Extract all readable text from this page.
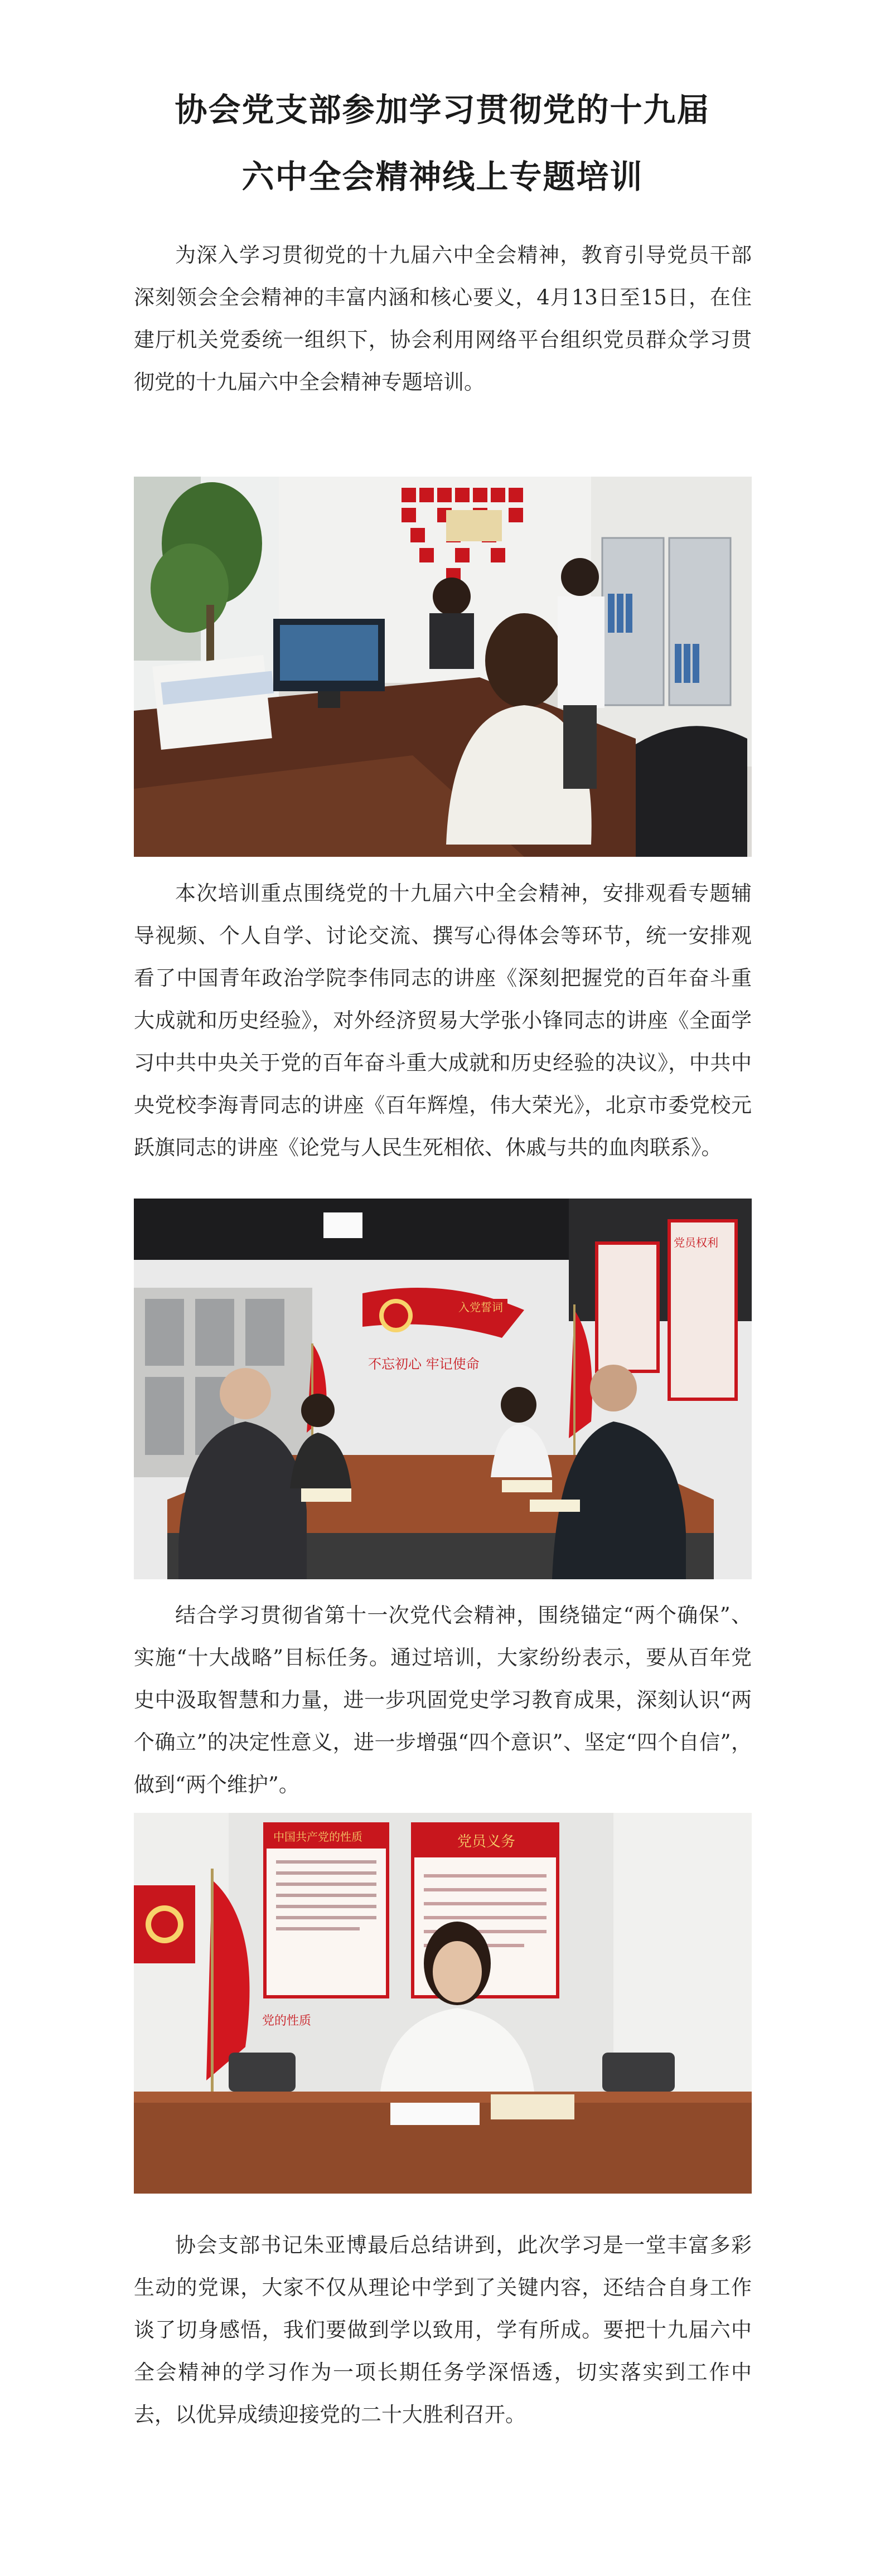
协会党支部参加学习贯彻党的十九届
六中全会精神线上专题培训

为深入学习贯彻党的十九届六中全会精神，教育引导党员干部深刻领会全会精神的丰富内涵和核心要义，4月13日至15日，在住建厅机关党委统一组织下，协会利用网络平台组织党员群众学习贯彻党的十九届六中全会精神专题培训。

本次培训重点围绕党的十九届六中全会精神，安排观看专题辅导视频、个人自学、讨论交流、撰写心得体会等环节，统一安排观看了中国青年政治学院李伟同志的讲座《深刻把握党的百年奋斗重大成就和历史经验》，对外经济贸易大学张小锋同志的讲座《全面学习中共中央关于党的百年奋斗重大成就和历史经验的决议》，中共中央党校李海青同志的讲座《百年辉煌，伟大荣光》，北京市委党校元跃旗同志的讲座《论党与人民生死相依、休戚与共的血肉联系》。

入党誓词
不忘初心 牢记使命
党员权利

结合学习贯彻省第十一次党代会精神，围绕锚定“两个确保”、实施“十大战略”目标任务。通过培训，大家纷纷表示，要从百年党史中汲取智慧和力量，进一步巩固党史学习教育成果，深刻认识“两个确立”的决定性意义，进一步增强“四个意识”、坚定“四个自信”，做到“两个维护”。

中国共产党的性质	党员义务
党的性质

协会支部书记朱亚博最后总结讲到，此次学习是一堂丰富多彩生动的党课，大家不仅从理论中学到了关键内容，还结合自身工作谈了切身感悟，我们要做到学以致用，学有所成。要把十九届六中全会精神的学习作为一项长期任务学深悟透，切实落实到工作中去，以优异成绩迎接党的二十大胜利召开。
